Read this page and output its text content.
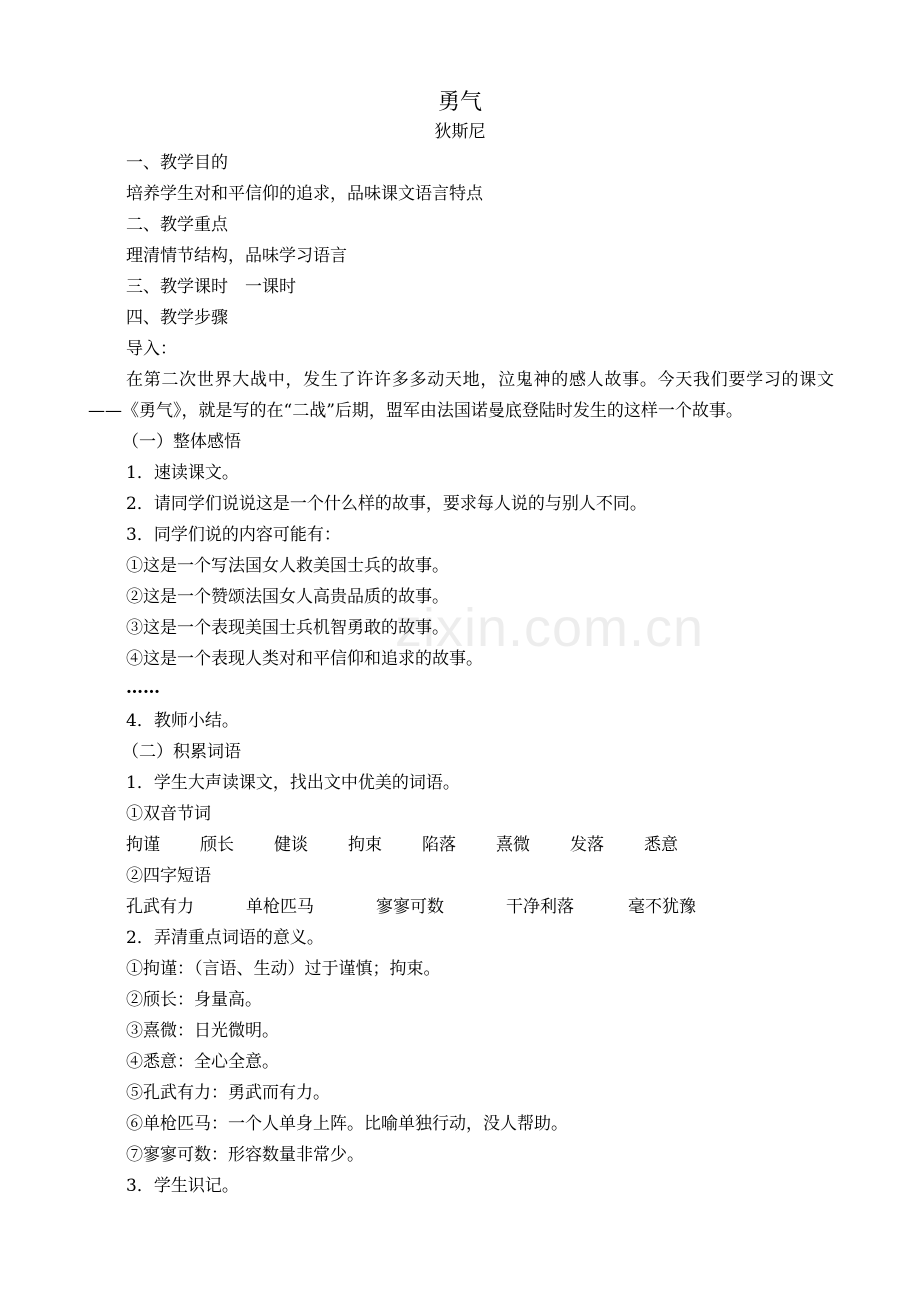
勇气
狄斯尼
一、教学目的
培养学生对和平信仰的追求，品味课文语言特点
二、教学重点
理清情节结构，品味学习语言
三、教学课时　一课时
四、教学步骤
导入：
在第二次世界大战中，发生了许许多多动天地，泣鬼神的感人故事。今天我们要学习的课文——《勇气》，就是写的在“二战”后期，盟军由法国诺曼底登陆时发生的这样一个故事。
（一）整体感悟
1．速读课文。
2．请同学们说说这是一个什么样的故事，要求每人说的与别人不同。
3．同学们说的内容可能有：
①这是一个写法国女人救美国士兵的故事。
②这是一个赞颂法国女人高贵品质的故事。
③这是一个表现美国士兵机智勇敢的故事。
④这是一个表现人类对和平信仰和追求的故事。
……
4．教师小结。
（二）积累词语
1．学生大声读课文，找出文中优美的词语。
①双音节词
拘谨 颀长 健谈 拘束 陷落 熹微 发落 悉意
②四字短语
孔武有力	单枪匹马	寥寥可数	干净利落	毫不犹豫
2．弄清重点词语的意义。
①拘谨：（言语、生动）过于谨慎；拘束。
②颀长：身量高。
③熹微：日光微明。
④悉意：全心全意。
⑤孔武有力：勇武而有力。
⑥单枪匹马：一个人单身上阵。比喻单独行动，没人帮助。
⑦寥寥可数：形容数量非常少。
3．学生识记。
zixin.com.cn
